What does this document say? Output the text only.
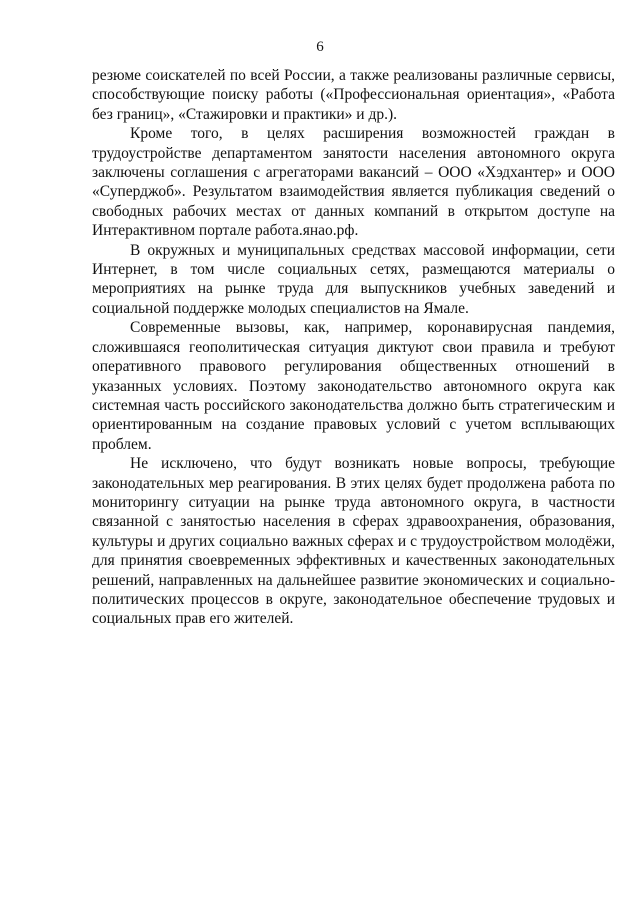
6

резюме соискателей по всей России, а также реализованы различные сервисы, способствующие поиску работы («Профессиональная ориентация», «Работа без границ», «Стажировки и практики» и др.).

Кроме того, в целях расширения возможностей граждан в трудоустройстве департаментом занятости населения автономного округа заключены соглашения с агрегаторами вакансий – ООО «Хэдхантер» и ООО «Суперджоб». Результатом взаимодействия является публикация сведений о свободных рабочих местах от данных компаний в открытом доступе на Интерактивном портале работа.янао.рф.

В окружных и муниципальных средствах массовой информации, сети Интернет, в том числе социальных сетях, размещаются материалы о мероприятиях на рынке труда для выпускников учебных заведений и социальной поддержке молодых специалистов на Ямале.

Современные вызовы, как, например, коронавирусная пандемия, сложившаяся геополитическая ситуация диктуют свои правила и требуют оперативного правового регулирования общественных отношений в указанных условиях. Поэтому законодательство автономного округа как системная часть российского законодательства должно быть стратегическим и ориентированным на создание правовых условий с учетом всплывающих проблем.

Не исключено, что будут возникать новые вопросы, требующие законодательных мер реагирования. В этих целях будет продолжена работа по мониторингу ситуации на рынке труда автономного округа, в частности связанной с занятостью населения в сферах здравоохранения, образования, культуры и других социально важных сферах и с трудоустройством молодёжи, для принятия своевременных эффективных и качественных законодательных решений, направленных на дальнейшее развитие экономических и социально-политических процессов в округе, законодательное обеспечение трудовых и социальных прав его жителей.
